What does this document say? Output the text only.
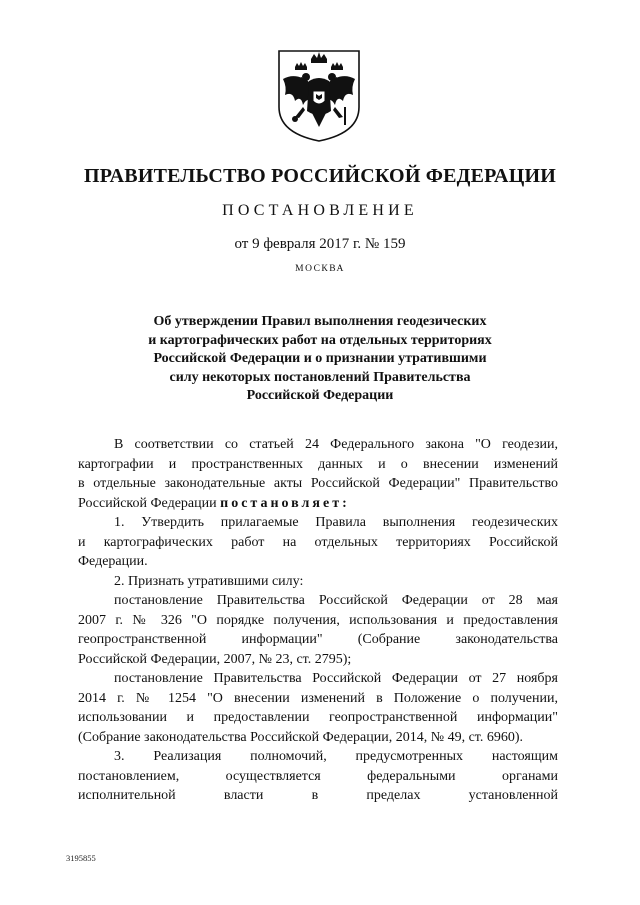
ПРАВИТЕЛЬСТВО РОССИЙСКОЙ ФЕДЕРАЦИИ
ПОСТАНОВЛЕНИЕ
от 9 февраля 2017 г. № 159
МОСКВА
Об утверждении Правил выполнения геодезических
и картографических работ на отдельных территориях
Российской Федерации и о признании утратившими
силу некоторых постановлений Правительства
Российской Федерации
В соответствии со статьей 24 Федерального закона "О геодезии,
картографии и пространственных данных и о внесении изменений
в отдельные законодательные акты Российской Федерации" Правительство
Российской Федерации постановляет:
1. Утвердить прилагаемые Правила выполнения геодезических
и картографических работ на отдельных территориях Российской
Федерации.
2. Признать утратившими силу:
постановление Правительства Российской Федерации от 28 мая
2007 г. № 326 "О порядке получения, использования и предоставления
геопространственной информации" (Собрание законодательства
Российской Федерации, 2007, № 23, ст. 2795);
постановление Правительства Российской Федерации от 27 ноября
2014 г. № 1254 "О внесении изменений в Положение о получении,
использовании и предоставлении геопространственной информации"
(Собрание законодательства Российской Федерации, 2014, № 49, ст. 6960).
3. Реализация полномочий, предусмотренных настоящим
постановлением, осуществляется федеральными органами
исполнительной власти в пределах установленной
3195855
